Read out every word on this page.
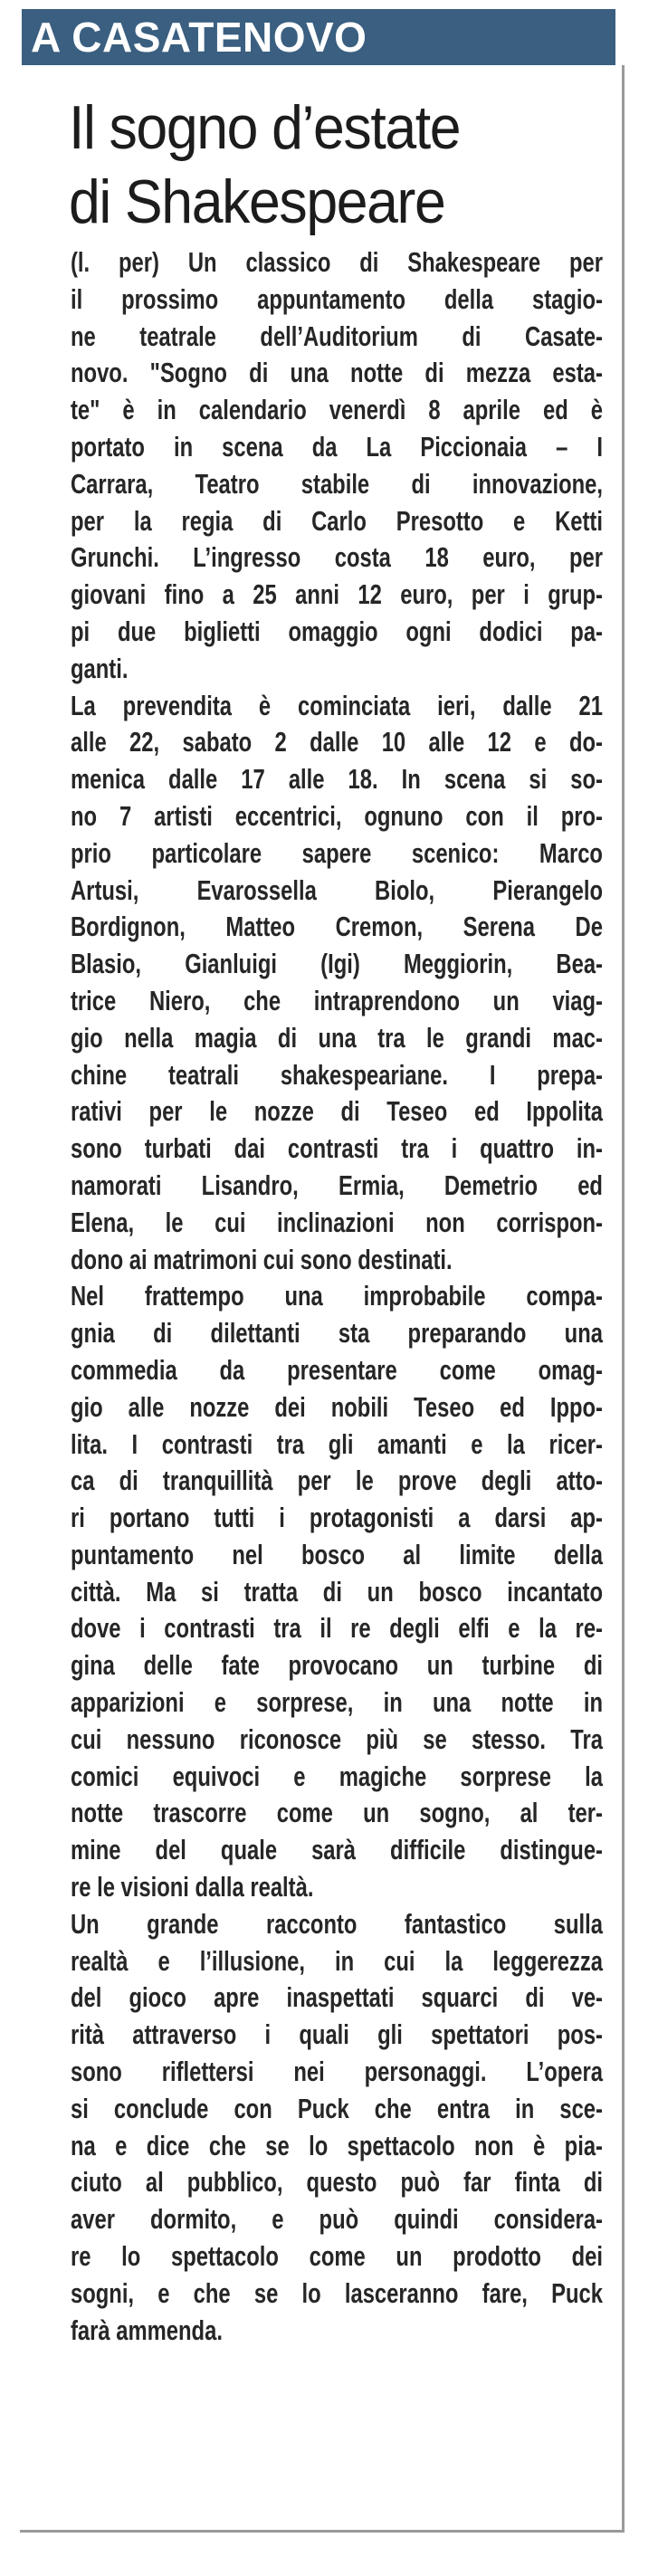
A CASATENOVO
Il sogno d’estate
di Shakespeare
(l. per) Un classico di Shakespeare per
il prossimo appuntamento della stagio-
ne teatrale dell’Auditorium di Casate-
novo. "Sogno di una notte di mezza esta-
te" è in calendario venerdì 8 aprile ed è
portato in scena da La Piccionaia – I
Carrara, Teatro stabile di innovazione,
per la regia di Carlo Presotto e Ketti
Grunchi. L’ingresso costa 18 euro, per
giovani fino a 25 anni 12 euro, per i grup-
pi due biglietti omaggio ogni dodici pa-
ganti.
La prevendita è cominciata ieri, dalle 21
alle 22, sabato 2 dalle 10 alle 12 e do-
menica dalle 17 alle 18. In scena si so-
no 7 artisti eccentrici, ognuno con il pro-
prio particolare sapere scenico: Marco
Artusi, Evarossella Biolo, Pierangelo
Bordignon, Matteo Cremon, Serena De
Blasio, Gianluigi (Igi) Meggiorin, Bea-
trice Niero, che intraprendono un viag-
gio nella magia di una tra le grandi mac-
chine teatrali shakespeariane. I prepa-
rativi per le nozze di Teseo ed Ippolita
sono turbati dai contrasti tra i quattro in-
namorati Lisandro, Ermia, Demetrio ed
Elena, le cui inclinazioni non corrispon-
dono ai matrimoni cui sono destinati.
Nel frattempo una improbabile compa-
gnia di dilettanti sta preparando una
commedia da presentare come omag-
gio alle nozze dei nobili Teseo ed Ippo-
lita. I contrasti tra gli amanti e la ricer-
ca di tranquillità per le prove degli atto-
ri portano tutti i protagonisti a darsi ap-
puntamento nel bosco al limite della
città. Ma si tratta di un bosco incantato
dove i contrasti tra il re degli elfi e la re-
gina delle fate provocano un turbine di
apparizioni e sorprese, in una notte in
cui nessuno riconosce più se stesso. Tra
comici equivoci e magiche sorprese la
notte trascorre come un sogno, al ter-
mine del quale sarà difficile distingue-
re le visioni dalla realtà.
Un grande racconto fantastico sulla
realtà e l’illusione, in cui la leggerezza
del gioco apre inaspettati squarci di ve-
rità attraverso i quali gli spettatori pos-
sono riflettersi nei personaggi. L’opera
si conclude con Puck che entra in sce-
na e dice che se lo spettacolo non è pia-
ciuto al pubblico, questo può far finta di
aver dormito, e può quindi considera-
re lo spettacolo come un prodotto dei
sogni, e che se lo lasceranno fare, Puck
farà ammenda.
